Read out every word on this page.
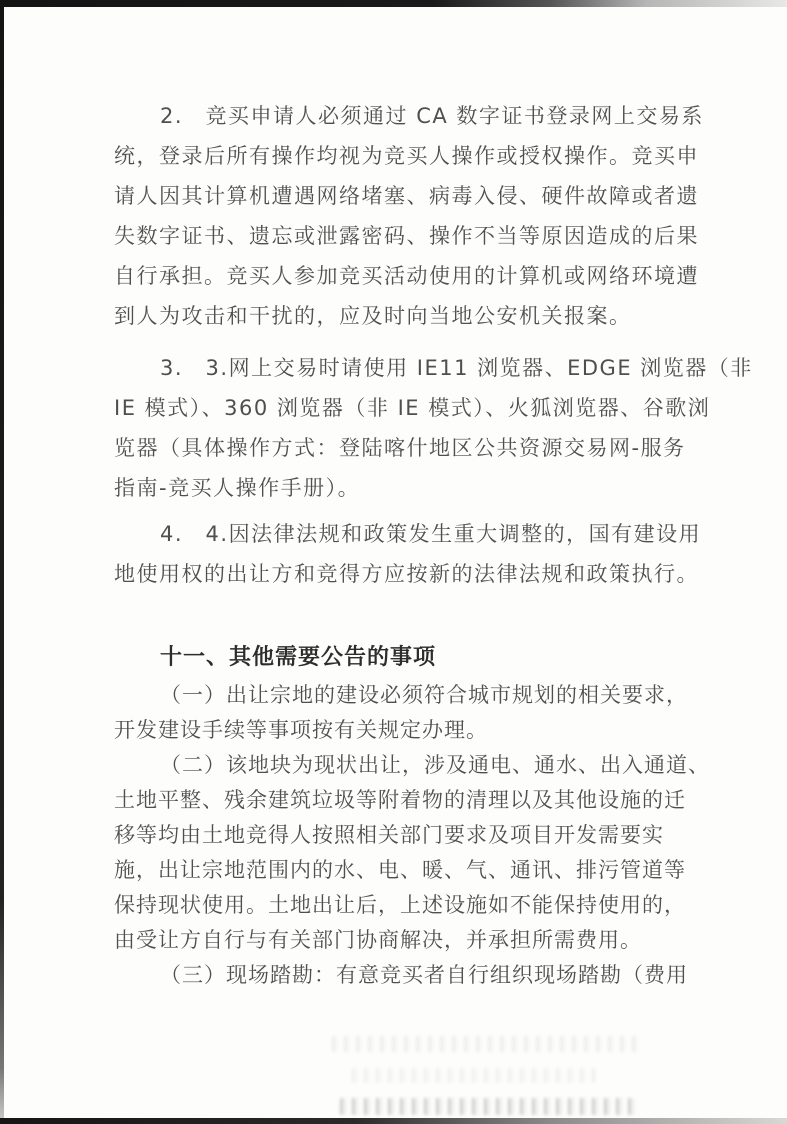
2.　竞买申请人必须通过 CA 数字证书登录网上交易系
统，登录后所有操作均视为竞买人操作或授权操作。竞买申
请人因其计算机遭遇网络堵塞、病毒入侵、硬件故障或者遗
失数字证书、遗忘或泄露密码、操作不当等原因造成的后果
自行承担。竞买人参加竞买活动使用的计算机或网络环境遭
到人为攻击和干扰的，应及时向当地公安机关报案。
3.　3.网上交易时请使用 IE11 浏览器、EDGE 浏览器（非
IE 模式）、360 浏览器（非 IE 模式）、火狐浏览器、谷歌浏
览器（具体操作方式：登陆喀什地区公共资源交易网-服务
指南-竞买人操作手册）。
4.　4.因法律法规和政策发生重大调整的，国有建设用
地使用权的出让方和竞得方应按新的法律法规和政策执行。
十一、其他需要公告的事项
（一）出让宗地的建设必须符合城市规划的相关要求，
开发建设手续等事项按有关规定办理。
（二）该地块为现状出让，涉及通电、通水、出入通道、
土地平整、残余建筑垃圾等附着物的清理以及其他设施的迁
移等均由土地竞得人按照相关部门要求及项目开发需要实
施，出让宗地范围内的水、电、暖、气、通讯、排污管道等
保持现状使用。土地出让后，上述设施如不能保持使用的，
由受让方自行与有关部门协商解决，并承担所需费用。
（三）现场踏勘：有意竞买者自行组织现场踏勘（费用
